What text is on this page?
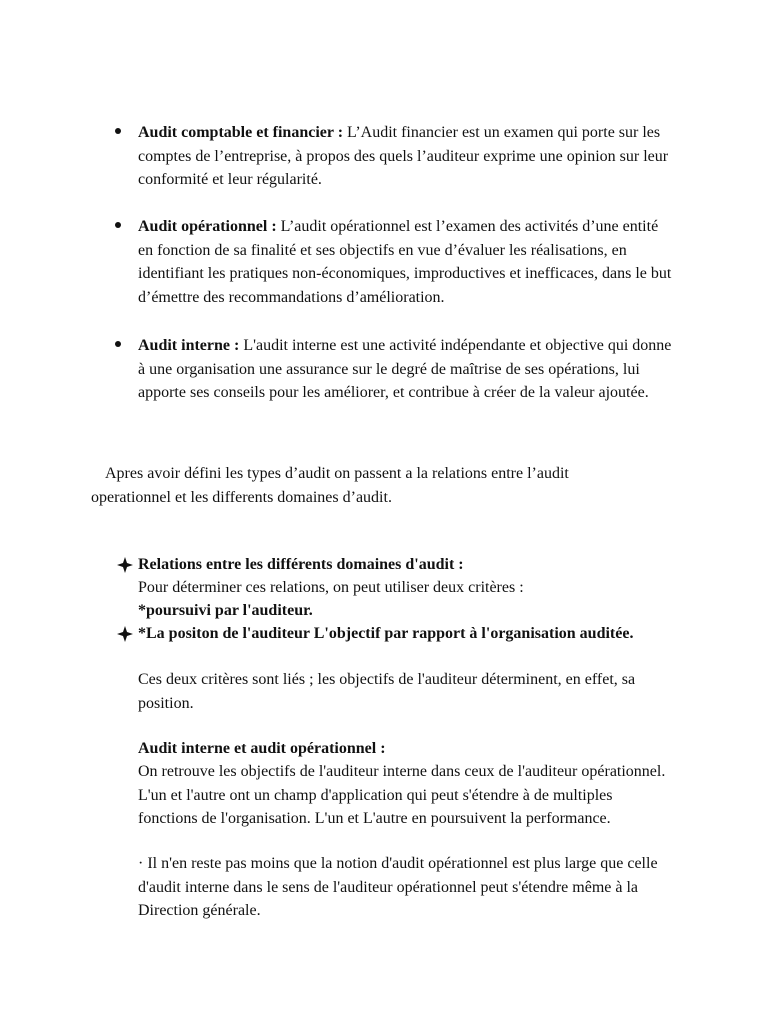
Audit comptable et financier : L’Audit financier est un examen qui porte sur les comptes de l’entreprise, à propos des quels l’auditeur exprime une opinion sur leur conformité et leur régularité.
Audit opérationnel : L’audit opérationnel est l’examen des activités d’une entité en fonction de sa finalité et ses objectifs en vue d’évaluer les réalisations, en identifiant les pratiques non-économiques, improductives et inefficaces, dans le but d’émettre des recommandations d’amélioration.
Audit interne : L'audit interne est une activité indépendante et objective qui donne à une organisation une assurance sur le degré de maîtrise de ses opérations, lui apporte ses conseils pour les améliorer, et contribue à créer de la valeur ajoutée.
Apres avoir défini les types d’audit on passent a la relations entre l’audit operationnel et les differents domaines d’audit.
Relations entre les différents domaines d'audit :
Pour déterminer ces relations, on peut utiliser deux critères :
*poursuivi par l'auditeur.
*La positon de l'auditeur L'objectif par rapport à l'organisation auditée.
Ces deux critères sont liés ; les objectifs de l'auditeur déterminent, en effet, sa position.
Audit interne et audit opérationnel :
On retrouve les objectifs de l'auditeur interne dans ceux de l'auditeur opérationnel. L'un et l'autre ont un champ d'application qui peut s'étendre à de multiples fonctions de l'organisation. L'un et L'autre en poursuivent la performance.
· Il n'en reste pas moins que la notion d'audit opérationnel est plus large que celle d'audit interne dans le sens de l'auditeur opérationnel peut s'étendre même à la Direction générale.
